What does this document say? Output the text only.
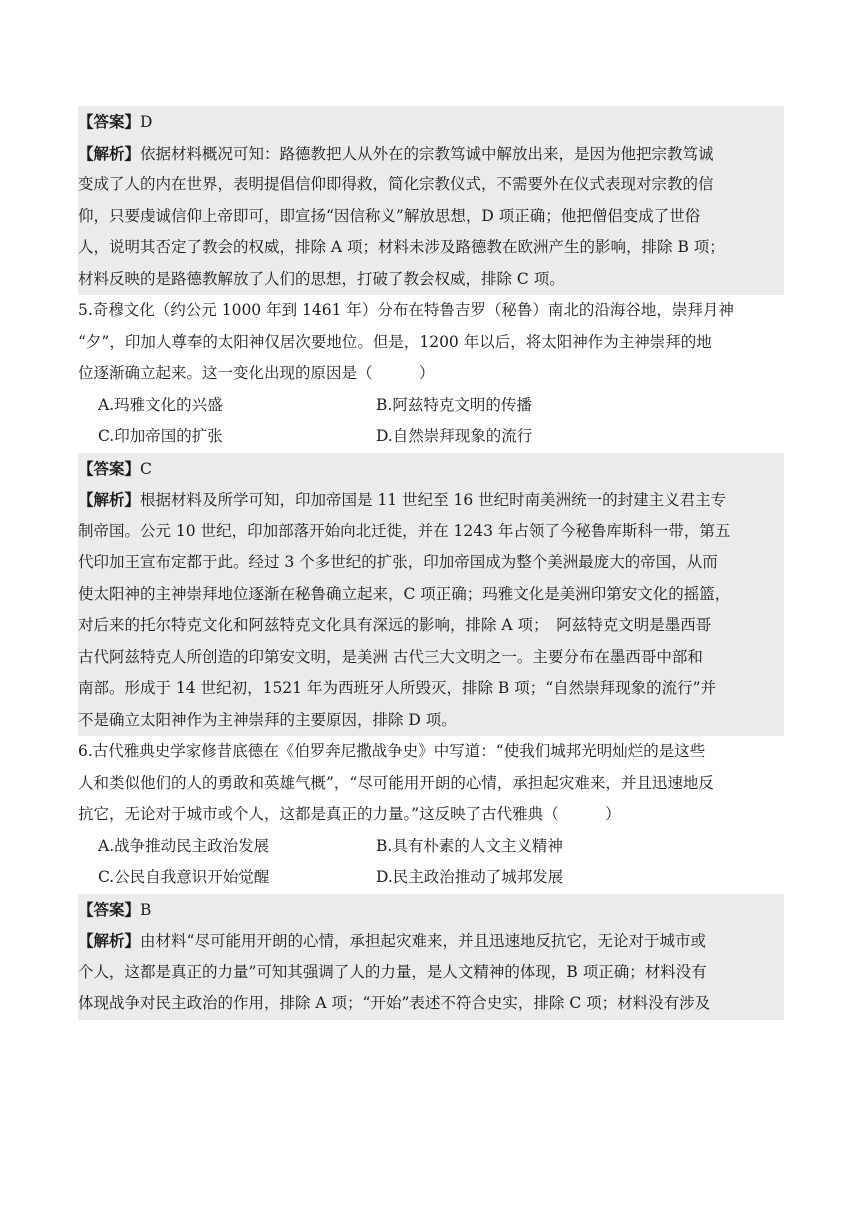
【答案】D
【解析】依据材料概况可知：路德教把人从外在的宗教笃诚中解放出来，是因为他把宗教笃诚
变成了人的内在世界，表明提倡信仰即得救，简化宗教仪式，不需要外在仪式表现对宗教的信
仰，只要虔诚信仰上帝即可，即宣扬“因信称义”解放思想，D 项正确；他把僧侣变成了世俗
人，说明其否定了教会的权威，排除 A 项；材料未涉及路德教在欧洲产生的影响，排除 B 项；
材料反映的是路德教解放了人们的思想，打破了教会权威，排除 C 项。
5.奇穆文化（约公元 1000 年到 1461 年）分布在特鲁吉罗（秘鲁）南北的沿海谷地，崇拜月神
“夕”，印加人尊奉的太阳神仅居次要地位。但是，1200 年以后，将太阳神作为主神崇拜的地
位逐渐确立起来。这一变化出现的原因是（　　　）
A.玛雅文化的兴盛	B.阿兹特克文明的传播
C.印加帝国的扩张	D.自然崇拜现象的流行
【答案】C
【解析】根据材料及所学可知，印加帝国是 11 世纪至 16 世纪时南美洲统一的封建主义君主专
制帝国。公元 10 世纪，印加部落开始向北迁徙，并在 1243 年占领了今秘鲁库斯科一带，第五
代印加王宣布定都于此。经过 3 个多世纪的扩张，印加帝国成为整个美洲最庞大的帝国，从而
使太阳神的主神崇拜地位逐渐在秘鲁确立起来，C 项正确；玛雅文化是美洲印第安文化的摇篮，
对后来的托尔特克文化和阿兹特克文化具有深远的影响，排除 A 项；　阿兹特克文明是墨西哥
古代阿兹特克人所创造的印第安文明，是美洲 古代三大文明之一。主要分布在墨西哥中部和
南部。形成于 14 世纪初，1521 年为西班牙人所毁灭，排除 B 项；“自然崇拜现象的流行”并
不是确立太阳神作为主神崇拜的主要原因，排除 D 项。
6.古代雅典史学家修昔底德在《伯罗奔尼撒战争史》中写道：“使我们城邦光明灿烂的是这些
人和类似他们的人的勇敢和英雄气概”，“尽可能用开朗的心情，承担起灾难来，并且迅速地反
抗它，无论对于城市或个人，这都是真正的力量。”这反映了古代雅典（　　　）
A.战争推动民主政治发展	B.具有朴素的人文主义精神
C.公民自我意识开始觉醒	D.民主政治推动了城邦发展
【答案】B
【解析】由材料“尽可能用开朗的心情，承担起灾难来，并且迅速地反抗它，无论对于城市或
个人，这都是真正的力量”可知其强调了人的力量，是人文精神的体现，B 项正确；材料没有
体现战争对民主政治的作用，排除 A 项；“开始”表述不符合史实，排除 C 项；材料没有涉及
